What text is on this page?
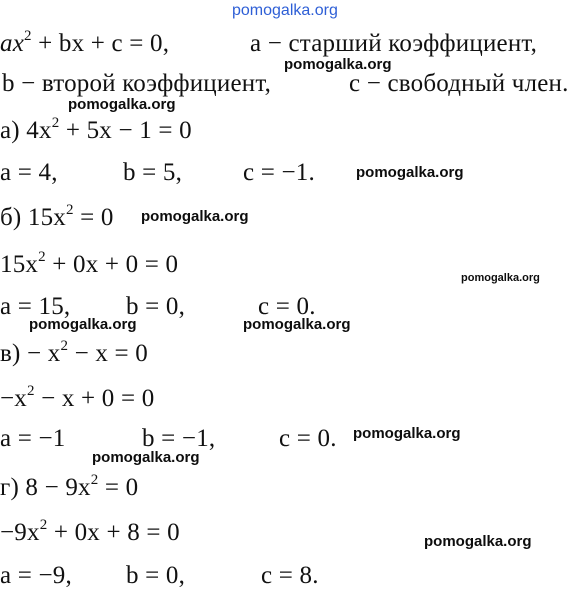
pomogalka.org
$ax^2$ + bx + c = 0,	a − старший коэффициент,
pomogalka.org
b − второй коэффициент,	c − свободный член.
pomogalka.org
а) $4x^2 + 5x - 1 = 0$
a = 4,	b = 5, c = −1.	pomogalka.org
б) $15x^2 = 0$ pomogalka.org
$15x^2 + 0x + 0 = 0$	pomogalka.org
a = 15, b = 0,	c = 0.
pomogalka.org	pomogalka.org
$в) - x^2 - x = 0$
$-x^2 - x + 0 = 0$
a = −1	b = −1,	c = 0. pomogalka.org
pomogalka.org
г) $8 - 9x^2 = 0$
$-9x^2 + 0x + 8 = 0$	pomogalka.org
a = −9, b = 0,	c = 8.
